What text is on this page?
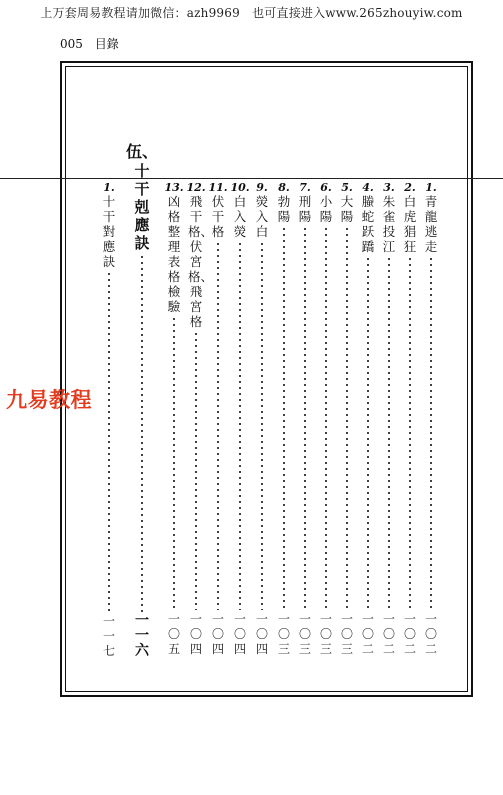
上万套周易教程请加微信：azh9969　也可直接进入www.265zhouyiw.com
005 目錄
1.
青龍逃走
一〇二
2.
白虎猖狂
一〇二
3.
朱雀投江
一〇二
4.
螣蛇跃蹻
一〇二
5.
大陽
一〇三
6.
小陽
一〇三
7.
刑陽
一〇三
8.
勃陽
一〇三
9.
熒入白
一〇四
10.
白入熒
一〇四
11.
伏干格
一〇四
12.
飛干格、伏宮格、飛宮格
一〇四
13.
凶格整理表格檢驗
一〇五
伍、
十干剋應訣
一一六
1.
十干對應訣
一一七
九易教程
